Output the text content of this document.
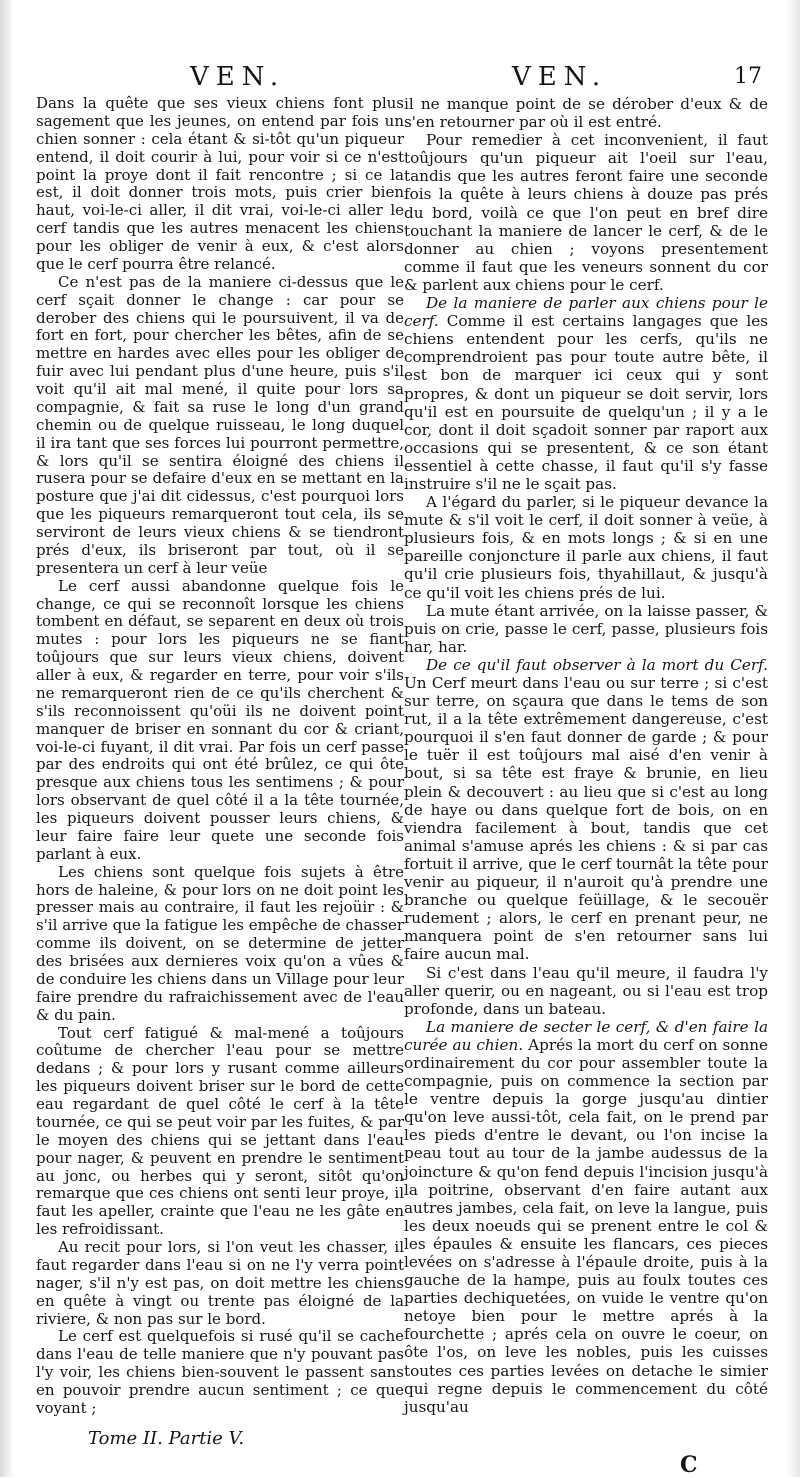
VEN.	VEN.	17

Dans la quête que ses vieux chiens font plus sagement que les jeunes, on entend par fois un chien sonner : cela étant & si-tôt qu'un piqueur entend, il doit courir à lui, pour voir si ce n'est point la proye dont il fait rencontre ; si ce la est, il doit donner trois mots, puis crier bien haut, voi-le-ci aller, il dit vrai, voi-le-ci aller le cerf tandis que les autres menacent les chiens pour les obliger de venir à eux, & c'est alors que le cerf pourra être relancé.

Ce n'est pas de la maniere ci-dessus que le cerf sçait donner le change : car pour se derober des chiens qui le poursuivent, il va de fort en fort, pour chercher les bêtes, afin de se mettre en hardes avec elles pour les obliger de fuir avec lui pendant plus d'une heure, puis s'il voit qu'il ait mal mené, il quite pour lors sa compagnie, & fait sa ruse le long d'un grand chemin ou de quelque ruisseau, le long duquel il ira tant que ses forces lui pourront permettre, & lors qu'il se sentira éloigné des chiens il rusera pour se defaire d'eux en se mettant en la posture que j'ai dit cidessus, c'est pourquoi lors que les piqueurs remarqueront tout cela, ils se serviront de leurs vieux chiens & se tiendront prés d'eux, ils briseront par tout, où il se presentera un cerf à leur veüe

Le cerf aussi abandonne quelque fois le change, ce qui se reconnoît lorsque les chiens tombent en défaut, se separent en deux où trois mutes : pour lors les piqueurs ne se fiant toûjours que sur leurs vieux chiens, doivent aller à eux, & regarder en terre, pour voir s'ils ne remarqueront rien de ce qu'ils cherchent & s'ils reconnoissent qu'oüi ils ne doivent point manquer de briser en sonnant du cor & criant, voi-le-ci fuyant, il dit vrai. Par fois un cerf passe par des endroits qui ont été brûlez, ce qui ôte presque aux chiens tous les sentimens ; & pour lors observant de quel côté il a la tête tournée, les piqueurs doivent pousser leurs chiens, & leur faire faire leur quete une seconde fois parlant à eux.

Les chiens sont quelque fois sujets à être hors de haleine, & pour lors on ne doit point les presser mais au contraire, il faut les rejoüir : & s'il arrive que la fatigue les empêche de chasser comme ils doivent, on se determine de jetter des brisées aux dernieres voix qu'on a vûes & de conduire les chiens dans un Village pour leur faire prendre du rafraichissement avec de l'eau & du pain.

Tout cerf fatigué & mal-mené a toûjours coûtume de chercher l'eau pour se mettre dedans ; & pour lors y rusant comme ailleurs les piqueurs doivent briser sur le bord de cette eau regardant de quel côté le cerf à la tête tournée, ce qui se peut voir par les fuites, & par le moyen des chiens qui se jettant dans l'eau pour nager, & peuvent en prendre le sentiment au jonc, ou herbes qui y seront, sitôt qu'on remarque que ces chiens ont senti leur proye, il faut les apeller, crainte que l'eau ne les gâte en les refroidissant.

Au recit pour lors, si l'on veut les chasser, il faut regarder dans l'eau si on ne l'y verra point nager, s'il n'y est pas, on doit mettre les chiens en quête à vingt ou trente pas éloigné de la riviere, & non pas sur le bord.

Le cerf est quelquefois si rusé qu'il se cache dans l'eau de telle maniere que n'y pouvant pas l'y voir, les chiens bien-souvent le passent sans en pouvoir prendre aucun sentiment ; ce que voyant ;

il ne manque point de se dérober d'eux & de s'en retourner par où il est entré.

Pour remedier à cet inconvenient, il faut toûjours qu'un piqueur ait l'oeil sur l'eau, tandis que les autres feront faire une seconde fois la quête à leurs chiens à douze pas prés du bord, voilà ce que l'on peut en bref dire touchant la maniere de lancer le cerf, & de le donner au chien ; voyons presentement comme il faut que les veneurs sonnent du cor & parlent aux chiens pour le cerf.

De la maniere de parler aux chiens pour le cerf. Comme il est certains langages que les chiens entendent pour les cerfs, qu'ils ne comprendroient pas pour toute autre bête, il est bon de marquer ici ceux qui y sont propres, & dont un piqueur se doit servir, lors qu'il est en poursuite de quelqu'un ; il y a le cor, dont il doit sçadoit sonner par raport aux occasions qui se presentent, & ce son étant essentiel à cette chasse, il faut qu'il s'y fasse instruire s'il ne le sçait pas.

A l'égard du parler, si le piqueur devance la mute & s'il voit le cerf, il doit sonner à veüe, à plusieurs fois, & en mots longs ; & si en une pareille conjoncture il parle aux chiens, il faut qu'il crie plusieurs fois, thyahillaut, & jusqu'à ce qu'il voit les chiens prés de lui.

La mute étant arrivée, on la laisse passer, & puis on crie, passe le cerf, passe, plusieurs fois har, har.

De ce qu'il faut observer à la mort du Cerf. Un Cerf meurt dans l'eau ou sur terre ; si c'est sur terre, on sçaura que dans le tems de son rut, il a la tête extrêmement dangereuse, c'est pourquoi il s'en faut donner de garde ; & pour le tuër il est toûjours mal aisé d'en venir à bout, si sa tête est fraye & brunie, en lieu plein & decouvert : au lieu que si c'est au long de haye ou dans quelque fort de bois, on en viendra facilement à bout, tandis que cet animal s'amuse aprés les chiens : & si par cas fortuit il arrive, que le cerf tournât la tête pour venir au piqueur, il n'auroit qu'à prendre une branche ou quelque feüillage, & le secouër rudement ; alors, le cerf en prenant peur, ne manquera point de s'en retourner sans lui faire aucun mal.

Si c'est dans l'eau qu'il meure, il faudra l'y aller querir, ou en nageant, ou si l'eau est trop profonde, dans un bateau.

La maniere de secter le cerf, & d'en faire la curée au chien. Aprés la mort du cerf on sonne ordinairement du cor pour assembler toute la compagnie, puis on commence la section par le ventre depuis la gorge jusqu'au dintier qu'on leve aussi-tôt, cela fait, on le prend par les pieds d'entre le devant, ou l'on incise la peau tout au tour de la jambe audessus de la joincture & qu'on fend depuis l'incision jusqu'à la poitrine, observant d'en faire autant aux autres jambes, cela fait, on leve la langue, puis les deux noeuds qui se prenent entre le col & les épaules & ensuite les flancars, ces pieces levées on s'adresse à l'épaule droite, puis à la gauche de la hampe, puis au foulx toutes ces parties dechiquetées, on vuide le ventre qu'on netoye bien pour le mettre aprés à la fourchette ; aprés cela on ouvre le coeur, on ôte l'os, on leve les nobles, puis les cuisses toutes ces parties levées on detache le simier qui regne depuis le commencement du côté jusqu'au

Tome II. Partie V.
C
